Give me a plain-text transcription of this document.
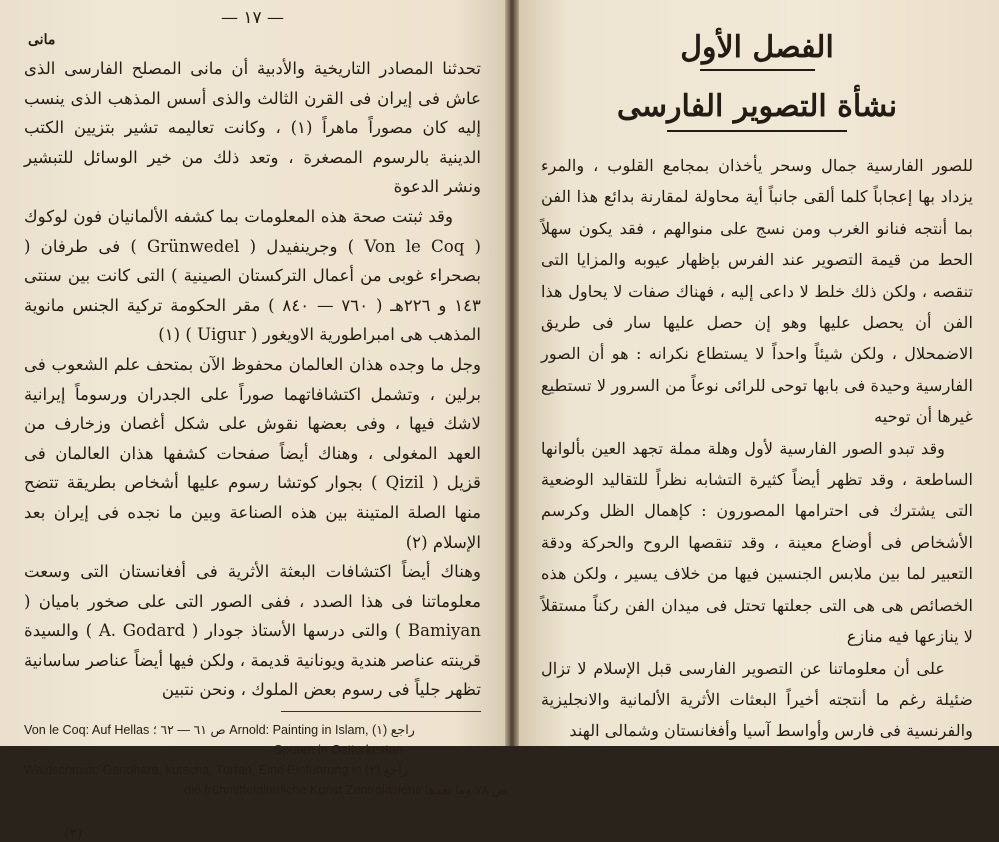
— ١٧ —
مانى

تحدثنا المصادر التاريخية والأدبية أن مانى المصلح الفارسى الذى عاش فى إيران فى القرن الثالث والذى أسس المذهب الذى ينسب إليه كان مصوراً ماهراً (١) ، وكانت تعاليمه تشير بتزيين الكتب الدينية بالرسوم المصغرة ، وتعد ذلك من خير الوسائل للتبشير ونشر الدعوة

وقد ثبتت صحة هذه المعلومات بما كشفه الألمانيان فون لوكوك ( Von le Coq ) وجرينفيدل ( Grünwedel ) فى طرفان ( بصحراء غوبى من أعمال التركستان الصينية ) التى كانت بين سنتى ١٤٣ و ٢٢٦هـ ( ٧٦٠ — ٨٤٠ ) مقر الحكومة تركية الجنس مانوية المذهب هى امبراطورية الاويغور ( Uigur ) (١)

وجل ما وجده هذان العالمان محفوظ الآن بمتحف علم الشعوب فى برلين ، وتشمل اكتشافاتهما صوراً على الجدران ورسوماً إيرانية لاشك فيها ، وفى بعضها نقوش على شكل أغصان وزخارف من العهد المغولى ، وهناك أيضاً صفحات كشفها هذان العالمان فى قزيل ( Qizil ) بجوار كوتشا رسوم عليها أشخاص بطريقة تتضح منها الصلة المتينة بين هذه الصناعة وبين ما نجده فى إيران بعد الإسلام (٢)

وهناك أيضاً اكتشافات البعثة الأثرية فى أفغانستان التى وسعت معلوماتنا فى هذا الصدد ، ففى الصور التى على صخور باميان ( Bamiyan ) والتى درسها الأستاذ جودار ( A. Godard ) والسيدة قرينته عناصر هندية ويونانية قديمة ، ولكن فيها أيضاً عناصر ساسانية تظهر جلياً فى رسوم بعض الملوك ، ونحن نتبين

Von le Coq: Auf Hellas ص ٦١ — ٦٢ ؛ Arnold: Painting in Islam, (١) راجع

Spuren in Ostturkestan

Waldschmidt: Gandhara, kutscha, Turfan, Eine Einführung in (٢) راجع

die frühmittelalterliche Kunst Zentralasiens ص ٧٨ وما بعدها

(٣)
الفصل الأول
نشأة التصوير الفارسى

للصور الفارسية جمال وسحر يأخذان بمجامع القلوب ، والمرء يزداد بها إعجاباً كلما ألقى جانباً أية محاولة لمقارنة بدائع هذا الفن بما أنتجه فنانو الغرب ومن نسج على منوالهم ، فقد يكون سهلاً الحط من قيمة التصوير عند الفرس بإظهار عيوبه والمزايا التى تنقصه ، ولكن ذلك خلط لا داعى إليه ، فهناك صفات لا يحاول هذا الفن أن يحصل عليها وهو إن حصل عليها سار فى طريق الاضمحلال ، ولكن شيئاً واحداً لا يستطاع نكرانه : هو أن الصور الفارسية وحيدة فى بابها توحى للرائى نوعاً من السرور لا تستطيع غيرها أن توحيه

وقد تبدو الصور الفارسية لأول وهلة مملة تجهد العين بألوانها الساطعة ، وقد تظهر أيضاً كثيرة التشابه نظراً للتقاليد الوضعية التى يشترك فى احترامها المصورون : كإهمال الظل وكرسم الأشخاص فى أوضاع معينة ، وقد تنقصها الروح والحركة ودقة التعبير لما بين ملابس الجنسين فيها من خلاف يسير ، ولكن هذه الخصائص هى هى التى جعلتها تحتل فى ميدان الفن ركناً مستقلاً لا ينازعها فيه منازع

على أن معلوماتنا عن التصوير الفارسى قبل الإسلام لا تزال ضئيلة رغم ما أنتجته أخيراً البعثات الأثرية الألمانية والانجليزية والفرنسية فى فارس وأواسط آسيا وأفغانستان وشمالى الهند
